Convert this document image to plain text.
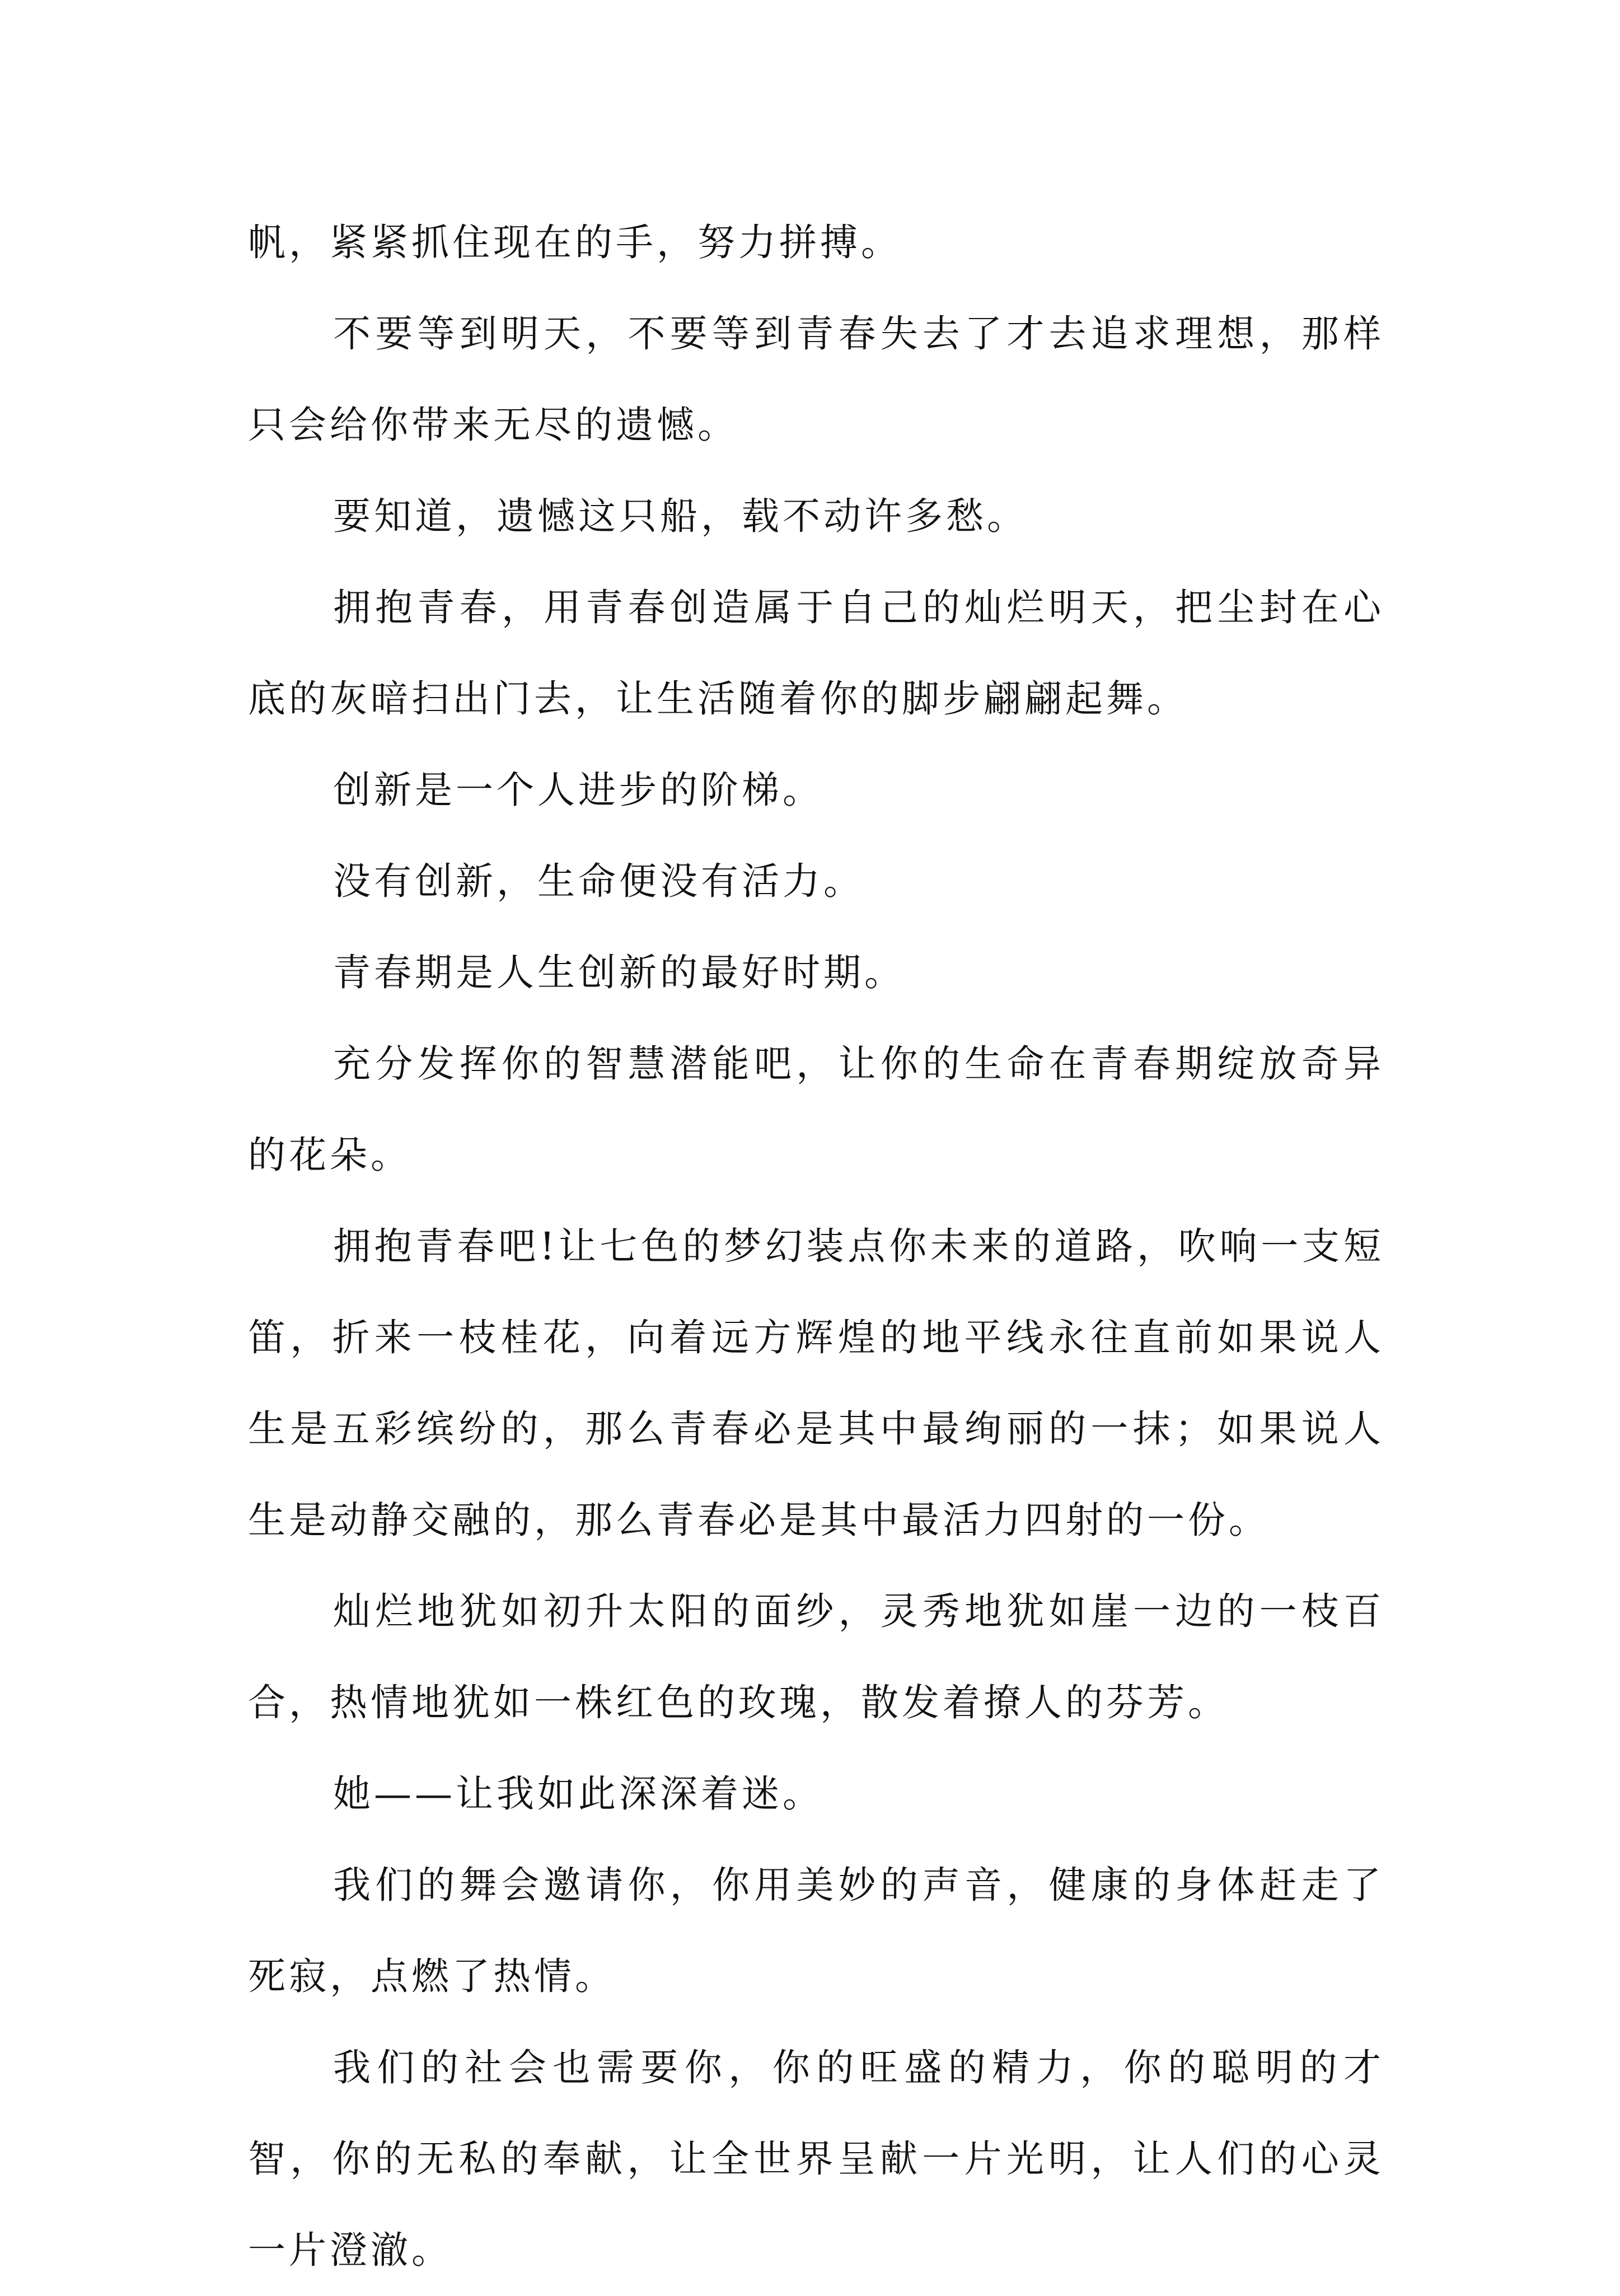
帆，紧紧抓住现在的手，努力拼搏。

不要等到明天，不要等到青春失去了才去追求理想，那样只会给你带来无尽的遗憾。

要知道，遗憾这只船，载不动许多愁。

拥抱青春，用青春创造属于自己的灿烂明天，把尘封在心底的灰暗扫出门去，让生活随着你的脚步翩翩起舞。

创新是一个人进步的阶梯。

没有创新，生命便没有活力。

青春期是人生创新的最好时期。

充分发挥你的智慧潜能吧，让你的生命在青春期绽放奇异的花朵。

拥抱青春吧!让七色的梦幻装点你未来的道路，吹响一支短笛，折来一枝桂花，向着远方辉煌的地平线永往直前如果说人生是五彩缤纷的，那么青春必是其中最绚丽的一抹；如果说人生是动静交融的，那么青春必是其中最活力四射的一份。

灿烂地犹如初升太阳的面纱，灵秀地犹如崖一边的一枝百合，热情地犹如一株红色的玫瑰，散发着撩人的芬芳。

她——让我如此深深着迷。

我们的舞会邀请你，你用美妙的声音，健康的身体赶走了死寂，点燃了热情。

我们的社会也需要你，你的旺盛的精力，你的聪明的才智，你的无私的奉献，让全世界呈献一片光明，让人们的心灵一片澄澈。
